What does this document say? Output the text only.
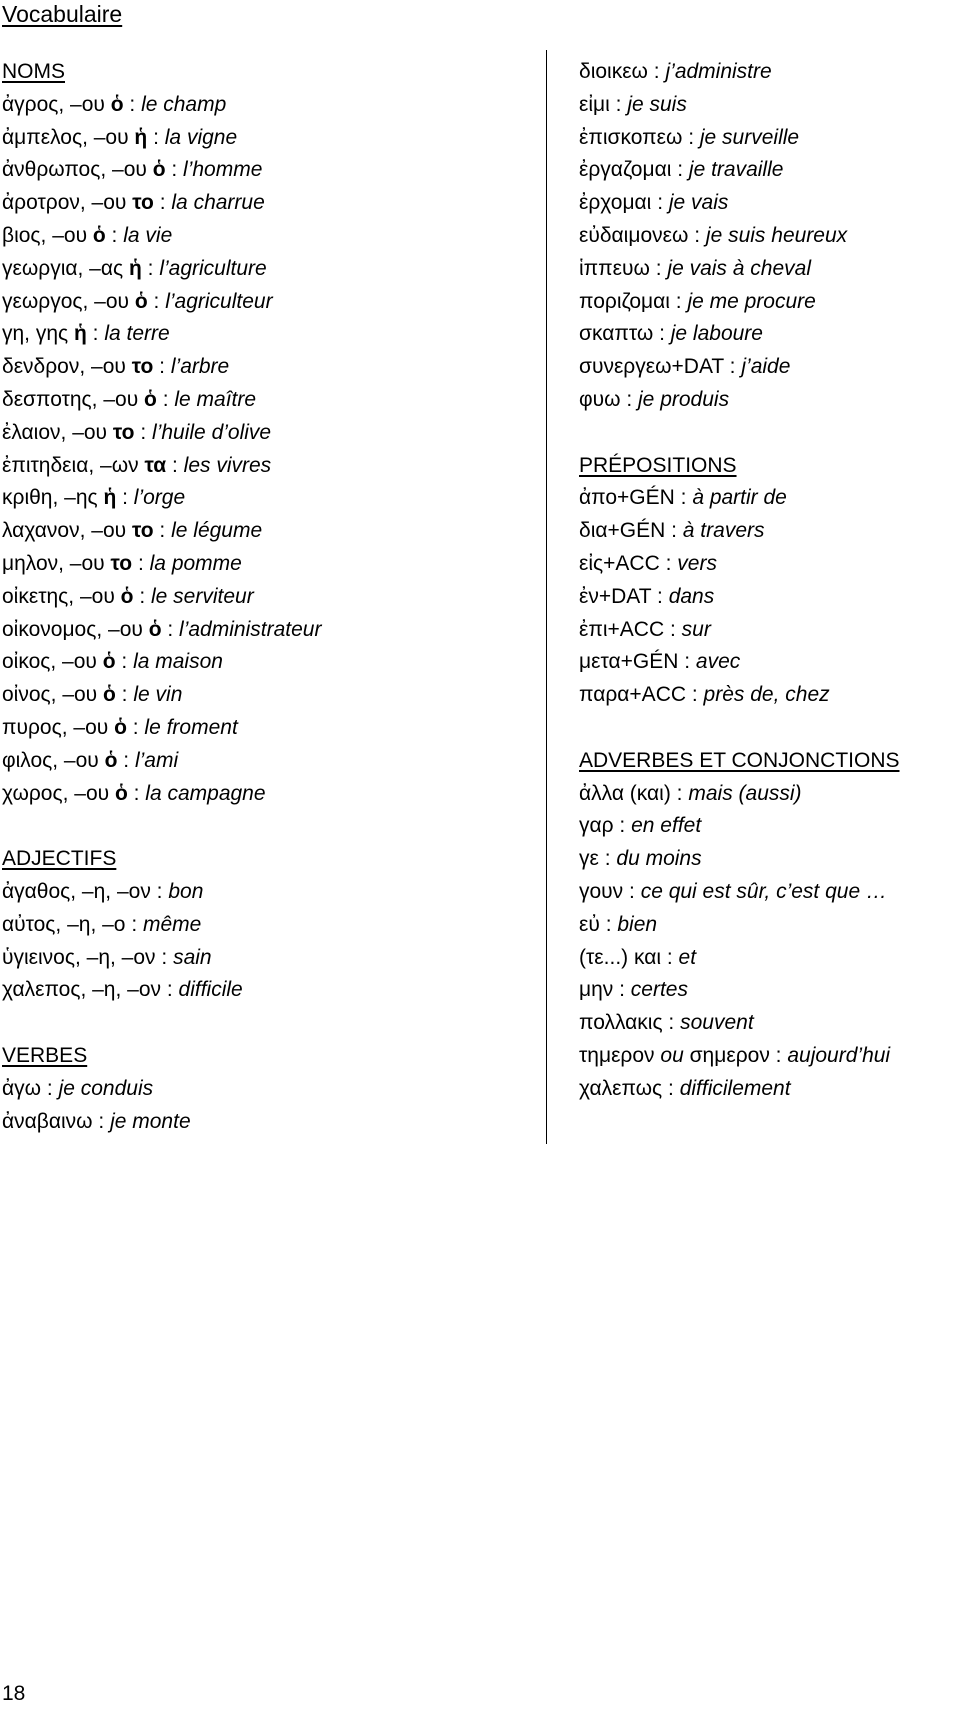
Vocabulaire
NOMS
ἀγρος, ‒ου ὁ : le champ
ἀμπελος, ‒ου ἡ : la vigne
ἀνθρωπος, ‒ου ὁ : l’homme
ἀροτρον, ‒ου το : la charrue
βιος, ‒ου ὁ : la vie
γεωργια, ‒ας ἡ : l’agriculture
γεωργος, ‒ου ὁ : l’agriculteur
γη, γης ἡ : la terre
δενδρον, ‒ου το : l’arbre
δεσποτης, ‒ου ὁ : le maître
ἐλαιον, ‒ου το : l’huile d’olive
ἐπιτηδεια, ‒ων τα : les vivres
κριθη, ‒ης ἡ : l’orge
λαχανον, ‒ου το : le légume
μηλον, ‒ου το : la pomme
οἰκετης, ‒ου ὁ : le serviteur
οἰκονομος, ‒ου ὁ : l’administrateur
οἰκος, ‒ου ὁ : la maison
οἰνος, ‒ου ὁ : le vin
πυρος, ‒ου ὁ : le froment
φιλος, ‒ου ὁ : l’ami
χωρος, ‒ου ὁ : la campagne
ADJECTIFS
ἀγαθος, ‒η, ‒ον : bon
αὐτος, ‒η, ‒ο : même
ὑγιεινος, ‒η, ‒ον : sain
χαλεπος, ‒η, ‒ον : difficile
VERBES
ἀγω : je conduis
ἀναβαινω : je monte
διοικεω : j’administre
εἰμι : je suis
ἐπισκοπεω : je surveille
ἐργαζομαι : je travaille
ἐρχομαι : je vais
εὐδαιμονεω : je suis heureux
ἱππευω : je vais à cheval
ποριζομαι : je me procure
σκαπτω : je laboure
συνεργεω+DAT : j’aide
φυω : je produis
PRÉPOSITIONS
ἀπο+GÉN : à partir de
δια+GÉN : à travers
εἰς+ACC : vers
ἐν+DAT : dans
ἐπι+ACC : sur
μετα+GÉN : avec
παρα+ACC : près de, chez
ADVERBES ET CONJONCTIONS
ἀλλα (και) : mais (aussi)
γαρ : en effet
γε : du moins
γουν : ce qui est sûr, c’est que …
εὐ : bien
(τε...) και : et
μην : certes
πολλακις : souvent
τημερον ou σημερον : aujourd’hui
χαλεπως : difficilement
18
